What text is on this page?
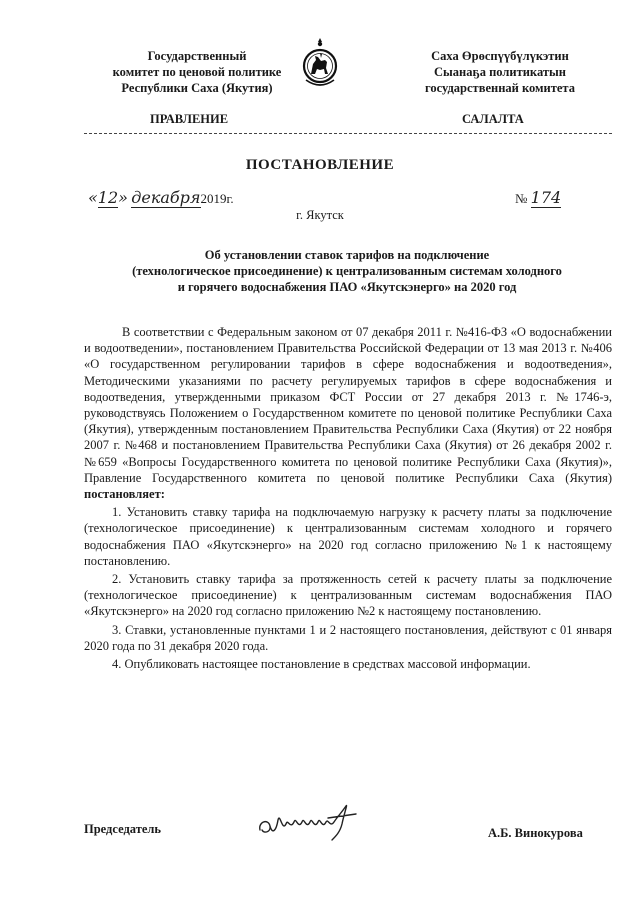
Государственный
комитет по ценовой политике
Республики Саха (Якутия)
Саха Өрөспүүбүлүкэтин
Сыанаҕа политикатын
государственнай комитета
ПРАВЛЕНИЕ	САЛАЛТА
ПОСТАНОВЛЕНИЕ
«12» декабря2019г.	№ 174
г. Якутск
Об установлении ставок тарифов на подключение
(технологическое присоединение) к централизованным системам холодного
и горячего водоснабжения ПАО «Якутскэнерго» на 2020 год

В соответствии с Федеральным законом от 07 декабря 2011 г. №416-ФЗ «О водоснабжении и водоотведении», постановлением Правительства Российской Федерации от 13 мая 2013 г. №406 «О государственном регулировании тарифов в сфере водоснабжения и водоотведения», Методическими указаниями по расчету регулируемых тарифов в сфере водоснабжения и водоотведения, утвержденными приказом ФСТ России от 27 декабря 2013 г. №1746-э, руководствуясь Положением о Государственном комитете по ценовой политике Республики Саха (Якутия), утвержденным постановлением Правительства Республики Саха (Якутия) от 22 ноября 2007 г. №468 и постановлением Правительства Республики Саха (Якутия) от 26 декабря 2002 г. №659 «Вопросы Государственного комитета по ценовой политике Республики Саха (Якутия)», Правление Государственного комитета по ценовой политике Республики Саха (Якутия) постановляет:

1. Установить ставку тарифа на подключаемую нагрузку к расчету платы за подключение (технологическое присоединение) к централизованным системам холодного и горячего водоснабжения ПАО «Якутскэнерго» на 2020 год согласно приложению №1 к настоящему постановлению.

2. Установить ставку тарифа за протяженность сетей к расчету платы за подключение (технологическое присоединение) к централизованным системам водоснабжения ПАО «Якутскэнерго» на 2020 год согласно приложению №2 к настоящему постановлению.

3. Ставки, установленные пунктами 1 и 2 настоящего постановления, действуют с 01 января 2020 года по 31 декабря 2020 года.

4. Опубликовать настоящее постановление в средствах массовой информации.

Председатель	А.Б. Винокурова
